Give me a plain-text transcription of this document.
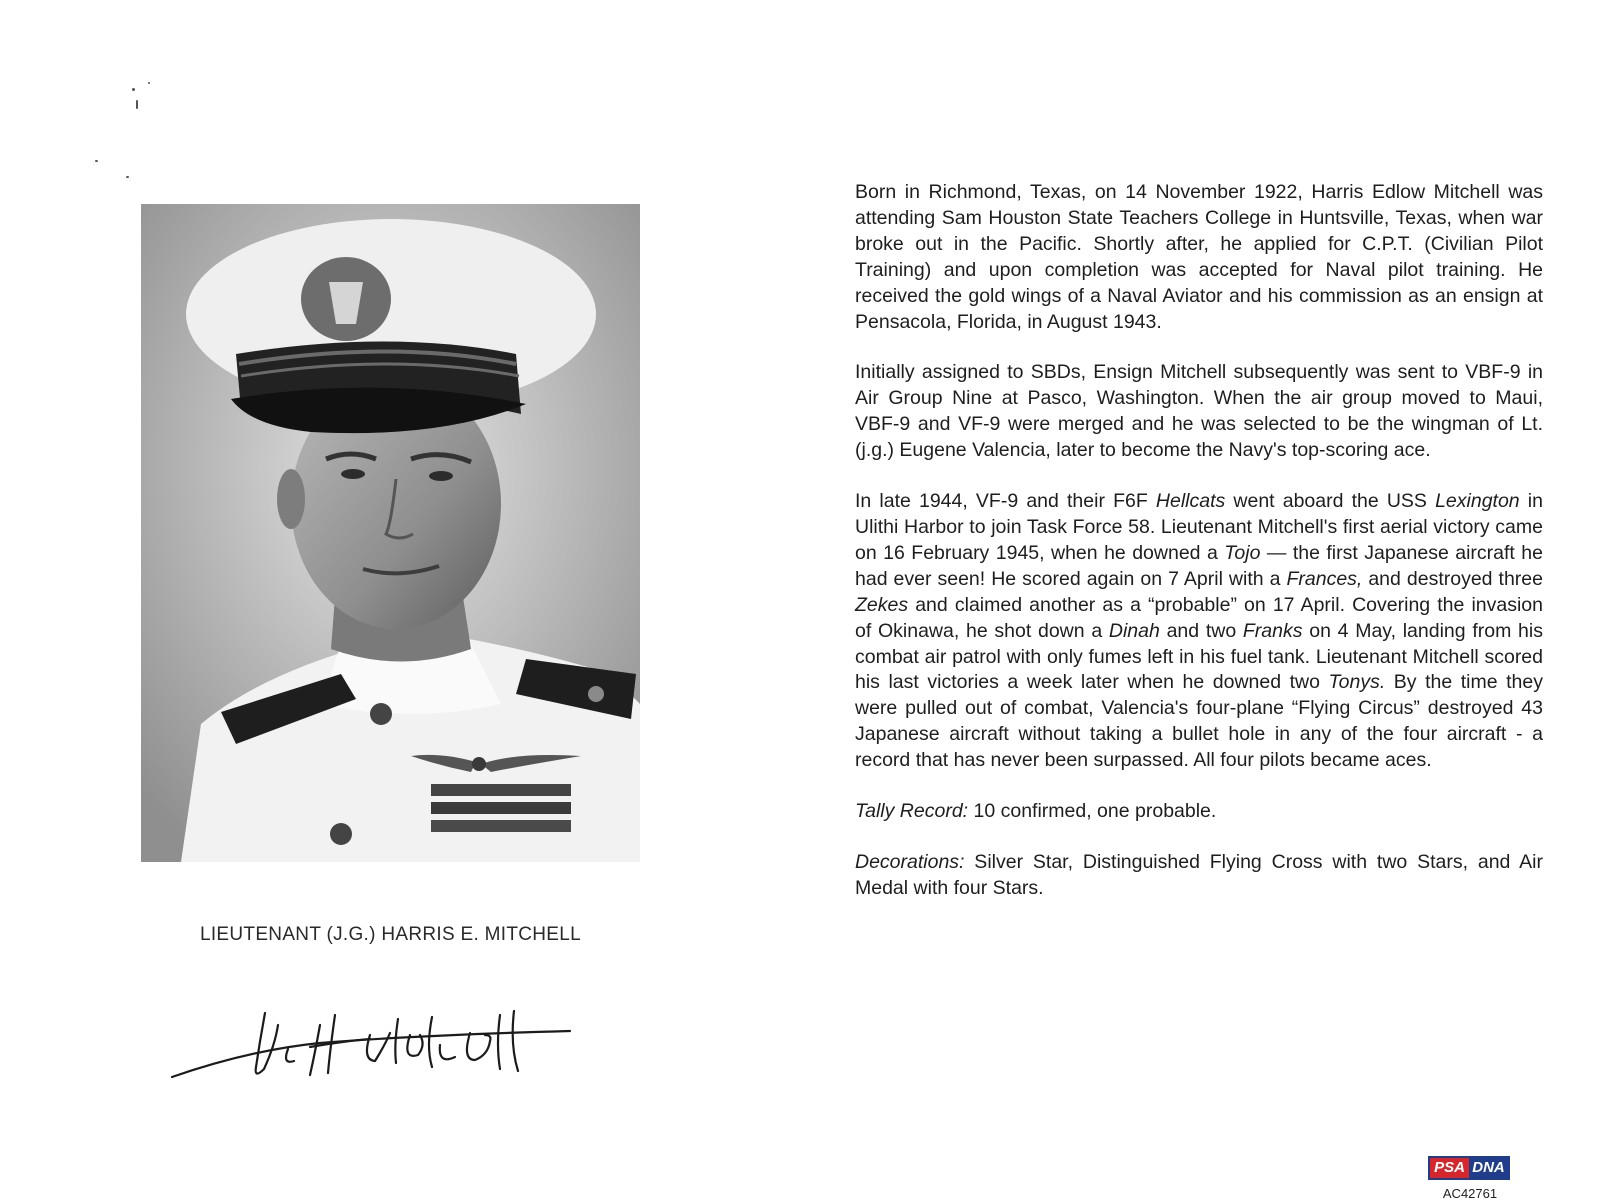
LIEUTENANT (J.G.) HARRIS E. MITCHELL

Born in Richmond, Texas, on 14 November 1922, Harris Edlow Mitchell was attending Sam Houston State Teachers College in Huntsville, Texas, when war broke out in the Pacific. Shortly after, he applied for C.P.T. (Civilian Pilot Training) and upon completion was accepted for Naval pilot training. He received the gold wings of a Naval Aviator and his commission as an ensign at Pensacola, Florida, in August 1943.

Initially assigned to SBDs, Ensign Mitchell subsequently was sent to VBF-9 in Air Group Nine at Pasco, Washington. When the air group moved to Maui, VBF-9 and VF-9 were merged and he was selected to be the wingman of Lt. (j.g.) Eugene Valencia, later to become the Navy's top-scoring ace.

In late 1944, VF-9 and their F6F Hellcats went aboard the USS Lexington in Ulithi Harbor to join Task Force 58. Lieutenant Mitchell's first aerial victory came on 16 February 1945, when he downed a Tojo — the first Japanese aircraft he had ever seen! He scored again on 7 April with a Frances, and destroyed three Zekes and claimed another as a “probable” on 17 April. Covering the invasion of Okinawa, he shot down a Dinah and two Franks on 4 May, landing from his combat air patrol with only fumes left in his fuel tank. Lieutenant Mitchell scored his last victories a week later when he downed two Tonys. By the time they were pulled out of combat, Valencia's four-plane “Flying Circus” destroyed 43 Japanese aircraft without taking a bullet hole in any of the four aircraft - a record that has never been surpassed. All four pilots became aces.

Tally Record: 10 confirmed, one probable.

Decorations: Silver Star, Distinguished Flying Cross with two Stars, and Air Medal with four Stars.

PSA DNA
AC42761
